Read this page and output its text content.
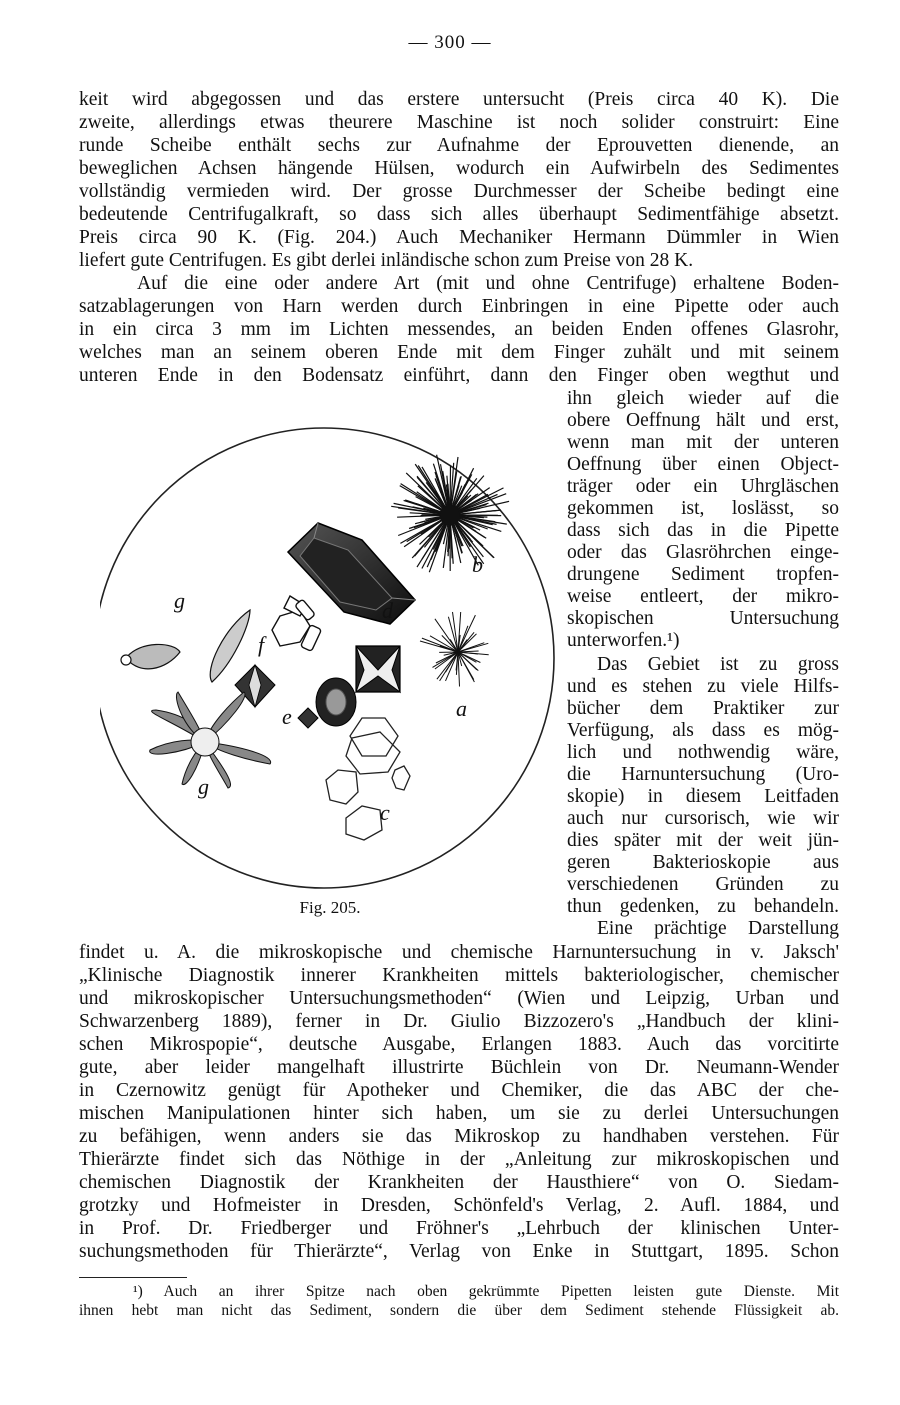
— 300 —
keit wird abgegossen und das erstere untersucht (Preis circa 40 K). Die
zweite, allerdings etwas theurere Maschine ist noch solider construirt: Eine
runde Scheibe enthält sechs zur Aufnahme der Eprouvetten dienende, an
beweglichen Achsen hängende Hülsen, wodurch ein Aufwirbeln des Sedimentes
vollständig vermieden wird. Der grosse Durchmesser der Scheibe bedingt eine
bedeutende Centrifugalkraft, so dass sich alles überhaupt Sedimentfähige absetzt.
Preis circa 90 K. (Fig. 204.) Auch Mechaniker Hermann Dümmler in Wien
liefert gute Centrifugen. Es gibt derlei inländische schon zum Preise von 28 K.
Auf die eine oder andere Art (mit und ohne Centrifuge) erhaltene Boden-
satzablagerungen von Harn werden durch Einbringen in eine Pipette oder auch
in ein circa 3 mm im Lichten messendes, an beiden Enden offenes Glasrohr,
welches man an seinem oberen Ende mit dem Finger zuhält und mit seinem
unteren Ende in den Bodensatz einführt, dann den Finger oben wegthut und
ihn gleich wieder auf die
obere Oeffnung hält und erst,
wenn man mit der unteren
Oeffnung über einen Object-
träger oder ein Uhrgläschen
gekommen ist, loslässt, so
dass sich das in die Pipette
oder das Glasröhrchen einge-
drungene Sediment tropfen-
weise entleert, der mikro-
skopischen Untersuchung
unterworfen.¹)
Das Gebiet ist zu gross
und es stehen zu viele Hilfs-
bücher dem Praktiker zur
Verfügung, als dass es mög-
lich und nothwendig wäre,
die Harnuntersuchung (Uro-
skopie) in diesem Leitfaden
auch nur cursorisch, wie wir
dies später mit der weit jün-
geren Bakterioskopie aus
verschiedenen Gründen zu
thun gedenken, zu behandeln.
Eine prächtige Darstellung
b
d
g
f
a
e
g
c
Fig. 205.
findet u. A. die mikroskopische und chemische Harnuntersuchung in v. Jaksch'
„Klinische Diagnostik innerer Krankheiten mittels bakteriologischer, chemischer
und mikroskopischer Untersuchungsmethoden“ (Wien und Leipzig, Urban und
Schwarzenberg 1889), ferner in Dr. Giulio Bizzozero's „Handbuch der klini-
schen Mikrospopie“, deutsche Ausgabe, Erlangen 1883. Auch das vorcitirte
gute, aber leider mangelhaft illustrirte Büchlein von Dr. Neumann-Wender
in Czernowitz genügt für Apotheker und Chemiker, die das ABC der che-
mischen Manipulationen hinter sich haben, um sie zu derlei Untersuchungen
zu befähigen, wenn anders sie das Mikroskop zu handhaben verstehen. Für
Thierärzte findet sich das Nöthige in der „Anleitung zur mikroskopischen und
chemischen Diagnostik der Krankheiten der Hausthiere“ von O. Siedam-
grotzky und Hofmeister in Dresden, Schönfeld's Verlag, 2. Aufl. 1884, und
in Prof. Dr. Friedberger und Fröhner's „Lehrbuch der klinischen Unter-
suchungsmethoden für Thierärzte“, Verlag von Enke in Stuttgart, 1895. Schon
¹) Auch an ihrer Spitze nach oben gekrümmte Pipetten leisten gute Dienste. Mit
ihnen hebt man nicht das Sediment, sondern die über dem Sediment stehende Flüssigkeit ab.
